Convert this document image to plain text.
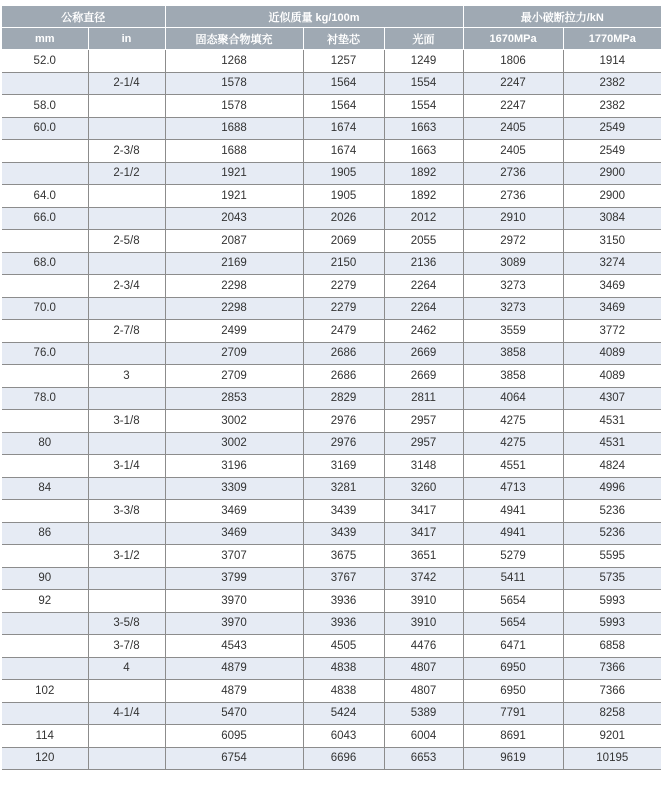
公称直径		近似质量 kg/100m			最小破断拉力/kN	
mm	in	固态聚合物填充	衬垫芯	光面	1670MPa	1770MPa
52.0		1268	1257	1249	1806	1914
	2-1/4	1578	1564	1554	2247	2382
58.0		1578	1564	1554	2247	2382
60.0		1688	1674	1663	2405	2549
	2-3/8	1688	1674	1663	2405	2549
	2-1/2	1921	1905	1892	2736	2900
64.0		1921	1905	1892	2736	2900
66.0		2043	2026	2012	2910	3084
	2-5/8	2087	2069	2055	2972	3150
68.0		2169	2150	2136	3089	3274
	2-3/4	2298	2279	2264	3273	3469
70.0		2298	2279	2264	3273	3469
	2-7/8	2499	2479	2462	3559	3772
76.0		2709	2686	2669	3858	4089
	3	2709	2686	2669	3858	4089
78.0		2853	2829	2811	4064	4307
	3-1/8	3002	2976	2957	4275	4531
80		3002	2976	2957	4275	4531
	3-1/4	3196	3169	3148	4551	4824
84		3309	3281	3260	4713	4996
	3-3/8	3469	3439	3417	4941	5236
86		3469	3439	3417	4941	5236
	3-1/2	3707	3675	3651	5279	5595
90		3799	3767	3742	5411	5735
92		3970	3936	3910	5654	5993
	3-5/8	3970	3936	3910	5654	5993
	3-7/8	4543	4505	4476	6471	6858
	4	4879	4838	4807	6950	7366
102		4879	4838	4807	6950	7366
	4-1/4	5470	5424	5389	7791	8258
114		6095	6043	6004	8691	9201
120		6754	6696	6653	9619	10195
